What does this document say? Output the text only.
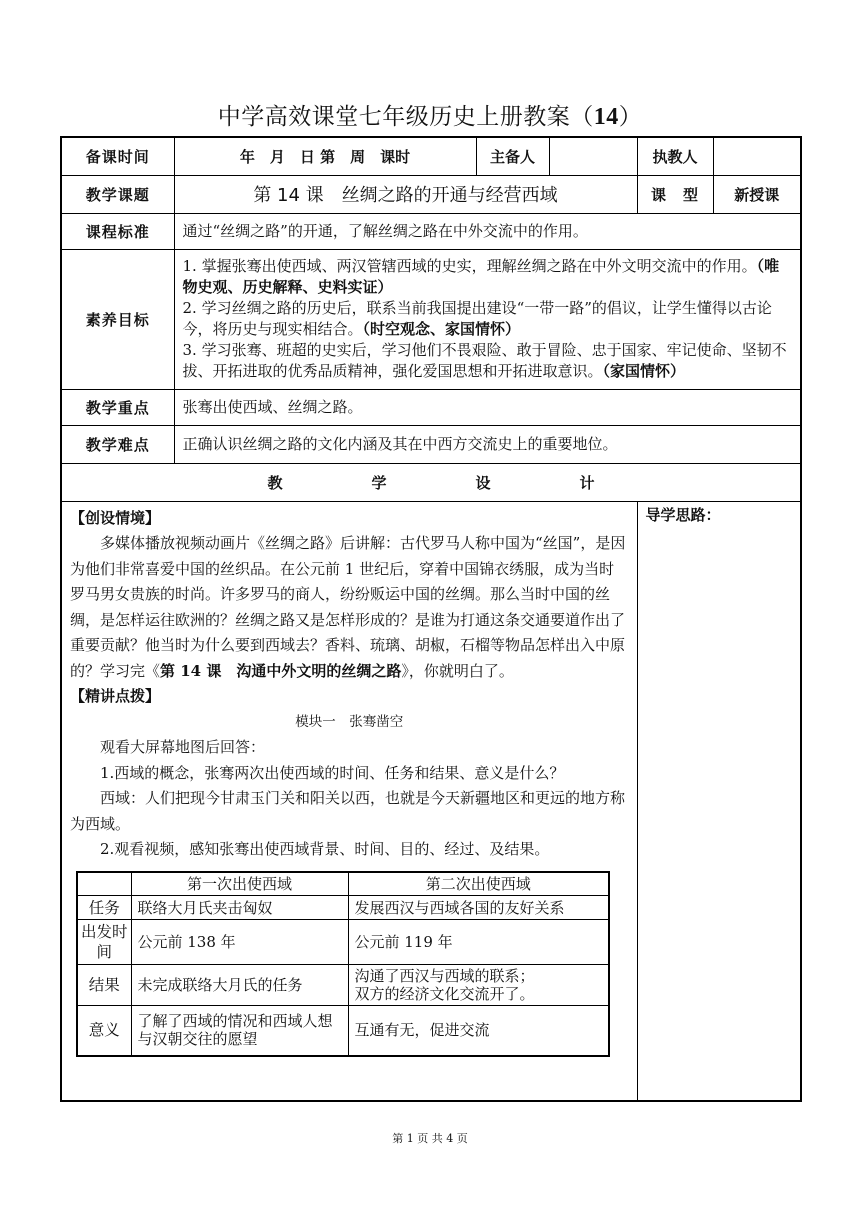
中学高效课堂七年级历史上册教案（14）
备课时间	年　月　日 第　周　课时	主备人		执教人	
教学课题	第 14 课　丝绸之路的开通与经营西域	课　型	新授课
课程标准	通过“丝绸之路”的开通，了解丝绸之路在中外交流中的作用。
素养目标	1. 掌握张骞出使西域、两汉管辖西域的史实，理解丝绸之路在中外文明交流中的作用。（唯物史观、历史解释、史料实证）
2. 学习丝绸之路的历史后，联系当前我国提出建设“一带一路”的倡议，让学生懂得以古论今，将历史与现实相结合。（时空观念、家国情怀）
3. 学习张骞、班超的史实后，学习他们不畏艰险、敢于冒险、忠于国家、牢记使命、坚韧不拔、开拓进取的优秀品质精神，强化爱国思想和开拓进取意识。（家国情怀）
教学重点	张骞出使西域、丝绸之路。
教学难点	正确认识丝绸之路的文化内涵及其在中西方交流史上的重要地位。
教	学	设	计

【创设情境】

多媒体播放视频动画片《丝绸之路》后讲解：古代罗马人称中国为“丝国”，是因为他们非常喜爱中国的丝织品。在公元前 1 世纪后，穿着中国锦衣绣服，成为当时罗马男女贵族的时尚。许多罗马的商人，纷纷贩运中国的丝绸。那么当时中国的丝绸，是怎样运往欧洲的？丝绸之路又是怎样形成的？是谁为打通这条交通要道作出了重要贡献？他当时为什么要到西域去？香料、琉璃、胡椒，石榴等物品怎样出入中原的？学习完《第 14 课　沟通中外文明的丝绸之路》，你就明白了。

【精讲点拨】

模块一　张骞凿空

观看大屏幕地图后回答：

1.西域的概念，张骞两次出使西域的时间、任务和结果、意义是什么？

西域：人们把现今甘肃玉门关和阳关以西，也就是今天新疆地区和更远的地方称为西域。

2.观看视频，感知张骞出使西域背景、时间、目的、经过、及结果。

	第一次出使西域	第二次出使西域
任务	联络大月氏夹击匈奴	发展西汉与西域各国的友好关系
出发时间	公元前 138 年	公元前 119 年
结果	未完成联络大月氏的任务	沟通了西汉与西域的联系；
双方的经济文化交流开了。
意义	了解了西域的情况和西域人想与汉朝交往的愿望	互通有无，促进交流
	导学思路：
第 1 页 共 4 页
